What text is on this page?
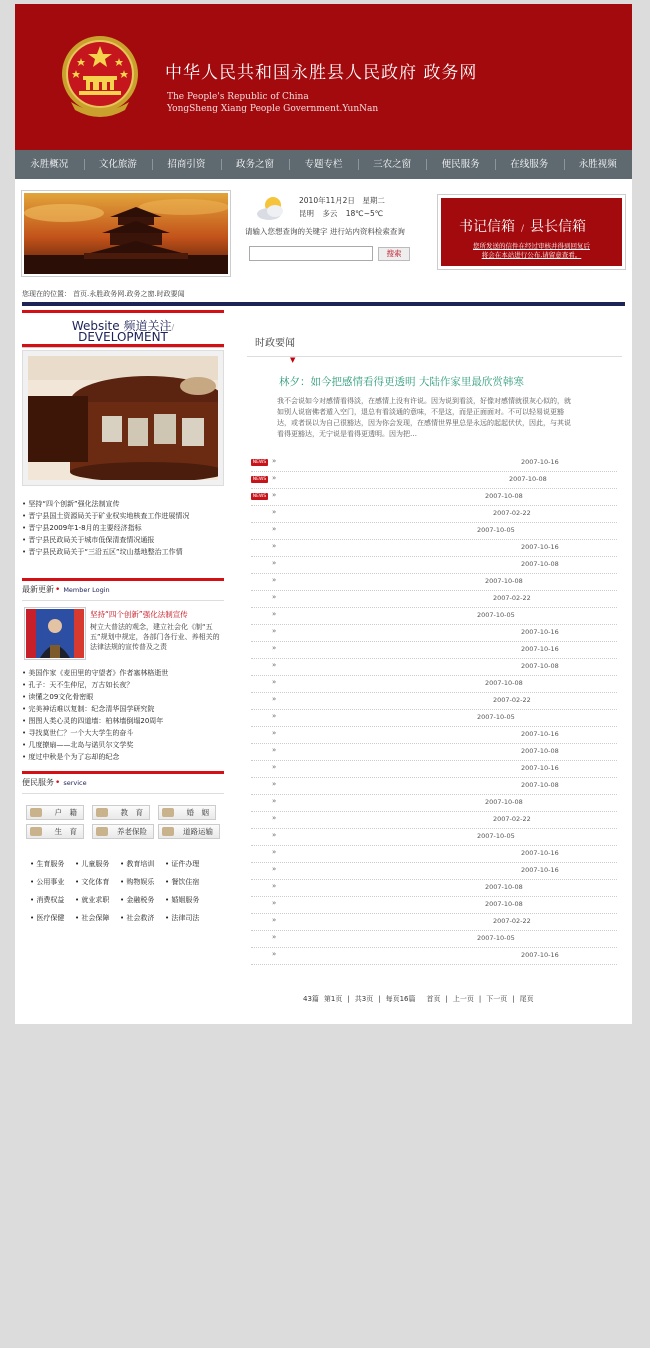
中华人民共和国永胜县人民政府 政务网
The People's Republic of China
YongSheng Xiang People Government.YunNan
永胜概况	文化旅游	招商引资	政务之窗	专题专栏	三农之窗	便民服务	在线服务	永胜视频
2010年11月2日　星期二
昆明 多云 18℃~5℃
请输入您想查询的关键字 进行站内资料检索查询
搜索
书记信箱 / 县长信箱
您所发送的信件在经过审核并得到回复后
将会在本站进行公布,请留意查看。
您现在的位置： 首页.永胜政务网.政务之窗.时政要闻
Website 频道关注/
DEVELOPMENT
• 坚持“四个创新”强化法制宣传
• 晋宁县国土资源局关于矿业权实地核查工作进展情况
• 晋宁县2009年1-8月的主要经济指标
• 晋宁县民政局关于城市低保清查情况通报
• 晋宁县民政局关于“三沿五区”坟山基地整治工作情
最新更新• Member Login
坚持“四个创新”强化法制宣传
树立大普法的观念，建立社会化《制“五五”规划中规定，各部门各行业、养相关的法律法规的宣传普及之责
• 美国作家《麦田里的守望者》作者塞林格逝世
• 孔子：天不生仲尼，万古如长夜？
• 读懂之09文化骨密眼
• 完美神话难以复制：纪念清华国学研究院
• 图图人类心灵的四道墙：柏林墙倒塌20周年
• 寻找莫世仁？一个大大学生的奋斗
• 几度撩扇——北岛与诺贝尔文学奖
• 度过中秋是个为了忘却的纪念
便民服务• service
户　籍	教　育	婚　姻
生　育	养老保险	道路运输
• 生育服务	• 儿童服务	• 教育培训	• 证件办理
• 公用事业	• 文化体育	• 购物娱乐	• 餐饮住宿
• 消费权益	• 就业求职	• 金融税务	• 婚姻服务
• 医疗保健	• 社会保障	• 社会救济	• 法律司法
时政要闻
▼
林夕：如今把感情看得更透明 大陆作家里最欣赏韩寒
我不会说如今对感情看得淡，在感情上没有许说。因为说到看淡，好像对感情就很灰心似的，就如别人说宿佛者遁入空门，退总有看淡通的意味，不是这，而是正面面对。不可以轻易说更豁达，或者误以为自己很豁达，因为你会发现，在感情世界里总是永远的起起伏伏，因此，与其说看得更豁达，无宁说是看得更透明。因为把…
NEWS »	2007-10-16
NEWS »	2007-10-08
NEWS »	2007-10-08
»	2007-02-22
»	2007-10-05
»	2007-10-16
»	2007-10-08
»	2007-10-08
»	2007-02-22
»	2007-10-05
»	2007-10-16
»	2007-10-16
»	2007-10-08
»	2007-10-08
»	2007-02-22
»	2007-10-05
»	2007-10-16
»	2007-10-08
»	2007-10-16
»	2007-10-08
»	2007-10-08
»	2007-02-22
»	2007-10-05
»	2007-10-16
»	2007-10-16
»	2007-10-08
»	2007-10-08
»	2007-02-22
»	2007-10-05
»	2007-10-16
43篇 第1页 | 共3页 | 每页16篇 首页 | 上一页 | 下一页 | 尾页
